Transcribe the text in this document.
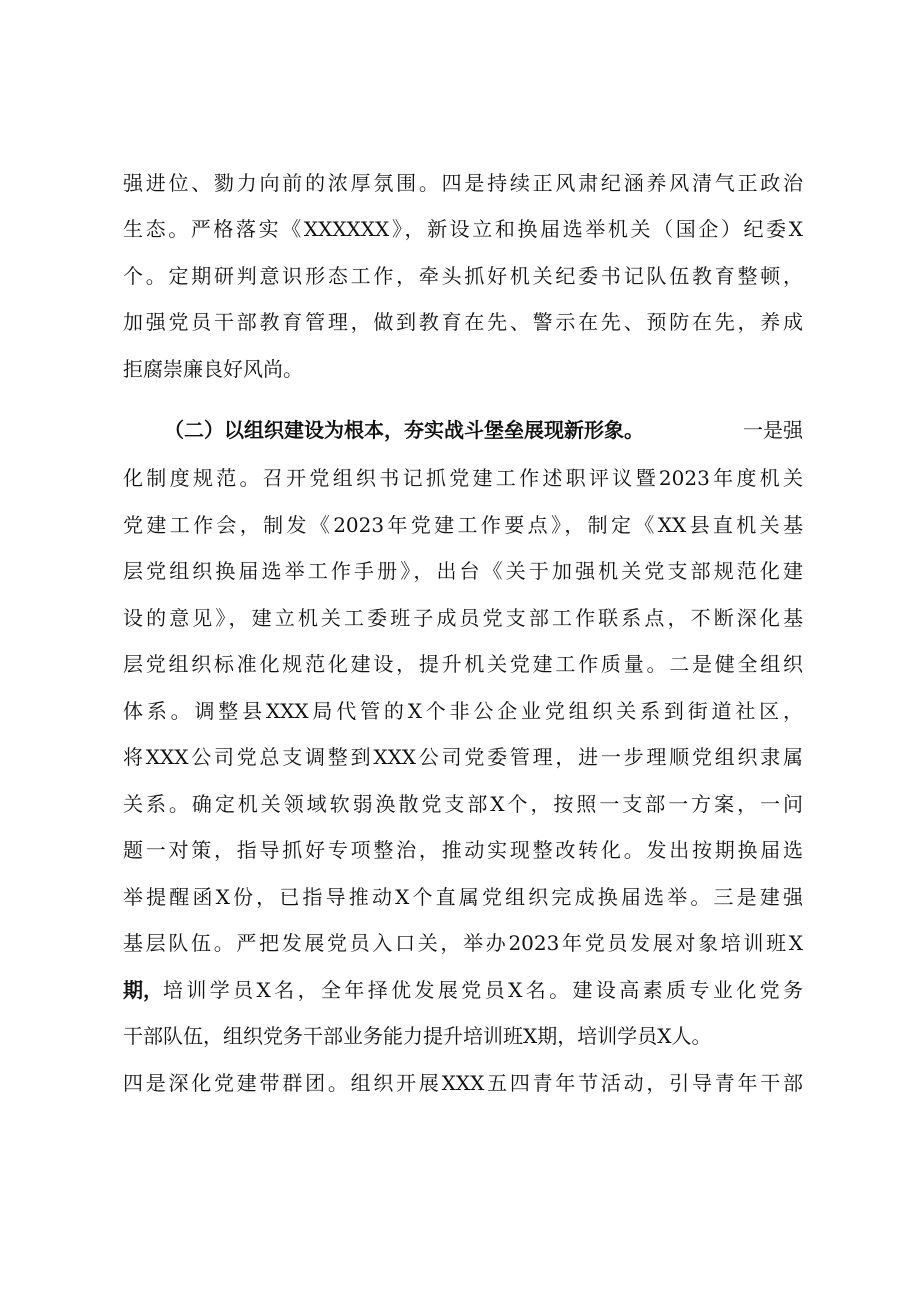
强进位、勠力向前的浓厚氛围。四是持续正风肃纪涵养风清气正政治
生态。严格落实《XXXXXX》，新设立和换届选举机关（国企）纪委X
个。定期研判意识形态工作，牵头抓好机关纪委书记队伍教育整顿，
加强党员干部教育管理，做到教育在先、警示在先、预防在先，养成
拒腐崇廉良好风尚。
（二）以组织建设为根本，夯实战斗堡垒展现新形象。	一是强
化制度规范。召开党组织书记抓党建工作述职评议暨2023年度机关
党建工作会，制发《2023年党建工作要点》，制定《XX县直机关基
层党组织换届选举工作手册》，出台《关于加强机关党支部规范化建
设的意见》，建立机关工委班子成员党支部工作联系点，不断深化基
层党组织标准化规范化建设，提升机关党建工作质量。二是健全组织
体系。调整县XXX局代管的X个非公企业党组织关系到街道社区，
将XXX公司党总支调整到XXX公司党委管理，进一步理顺党组织隶属
关系。确定机关领域软弱涣散党支部X个，按照一支部一方案，一问
题一对策，指导抓好专项整治，推动实现整改转化。发出按期换届选
举提醒函X份，已指导推动X个直属党组织完成换届选举。三是建强
基层队伍。严把发展党员入口关，举办2023年党员发展对象培训班X
期， 培训学员X名，全年择优发展党员X名。建设高素质专业化党务
干部队伍，组织党务干部业务能力提升培训班X期，培训学员X人。
四是深化党建带群团。组织开展XXX五四青年节活动，引导青年干部
